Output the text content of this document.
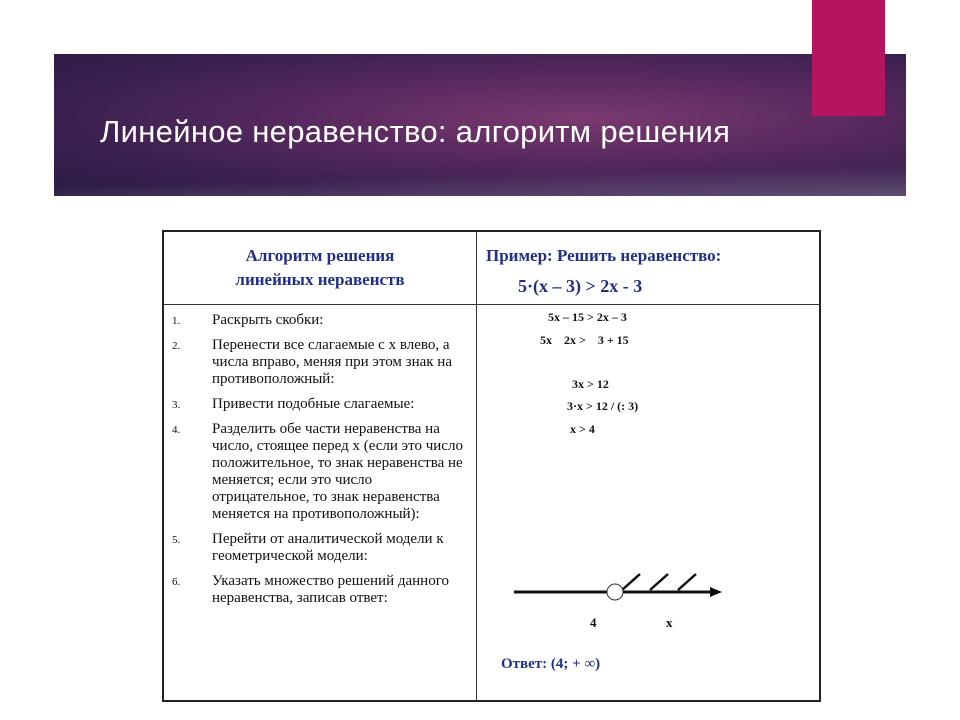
Линейное неравенство: алгоритм решения
Алгоритм решения
линейных неравенств
Пример: Решить неравенство:
5·(х – 3) > 2х - 3
1. Раскрыть скобки:
2. Перенести все слагаемые с х влево, а числа вправо, меняя при этом знак на противоположный:
3. Привести подобные слагаемые:
4. Разделить обе части неравенства на число, стоящее перед х (если это число положительное, то знак неравенства не меняется; если это число отрицательное, то знак неравенства меняется на противоположный):
5. Перейти от аналитической модели к геометрической модели:
6. Указать множество решений данного неравенства, записав ответ:
5х – 15 > 2х – 3
5х    2х >    3 + 15
3х > 12
3·х > 12 / (: 3)
х > 4
4	х
Ответ: (4; + ∞)
